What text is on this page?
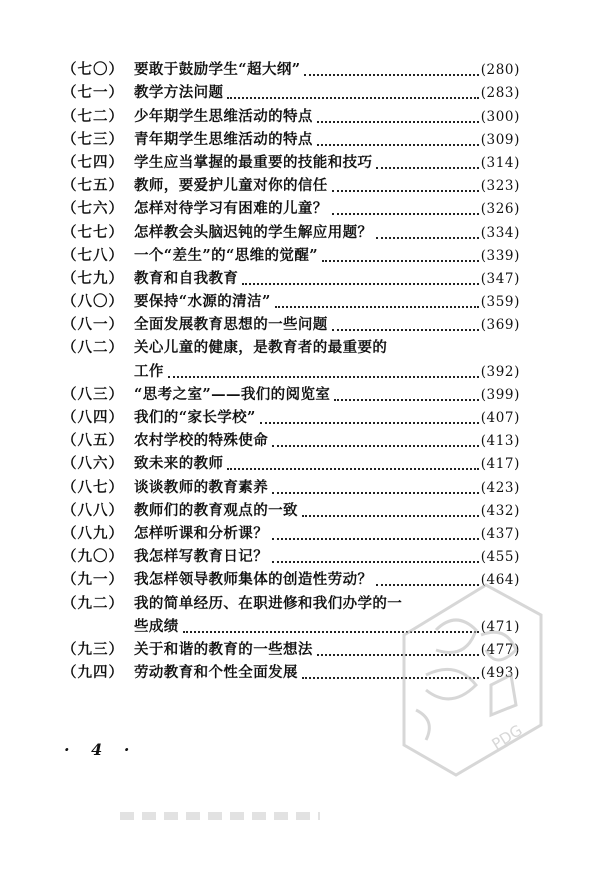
（七〇） 要敢于鼓励学生“超大纲”	(280)
（七一） 教学方法问题	(283)
（七二） 少年期学生思维活动的特点	(300)
（七三） 青年期学生思维活动的特点	(309)
（七四） 学生应当掌握的最重要的技能和技巧	(314)
（七五） 教师，要爱护儿童对你的信任	(323)
（七六） 怎样对待学习有困难的儿童？	(326)
（七七） 怎样教会头脑迟钝的学生解应用题？	(334)
（七八） 一个“差生”的“思维的觉醒”	(339)
（七九） 教育和自我教育	(347)
（八〇） 要保持“水源的清洁”	(359)
（八一） 全面发展教育思想的一些问题	(369)
（八二） 关心儿童的健康，是教育者的最重要的
工作	(392)
（八三） “思考之室”——我们的阅览室	(399)
（八四） 我们的“家长学校”	(407)
（八五） 农村学校的特殊使命	(413)
（八六） 致未来的教师	(417)
（八七） 谈谈教师的教育素养	(423)
（八八） 教师们的教育观点的一致	(432)
（八九） 怎样听课和分析课？	(437)
（九〇） 我怎样写教育日记？	(455)
（九一） 我怎样领导教师集体的创造性劳动？	(464)
（九二） 我的简单经历、在职进修和我们办学的一
些成绩	(471)
（九三） 关于和谐的教育的一些想法	(477)
（九四） 劳动教育和个性全面发展	(493)
· 4 ·	PDG
